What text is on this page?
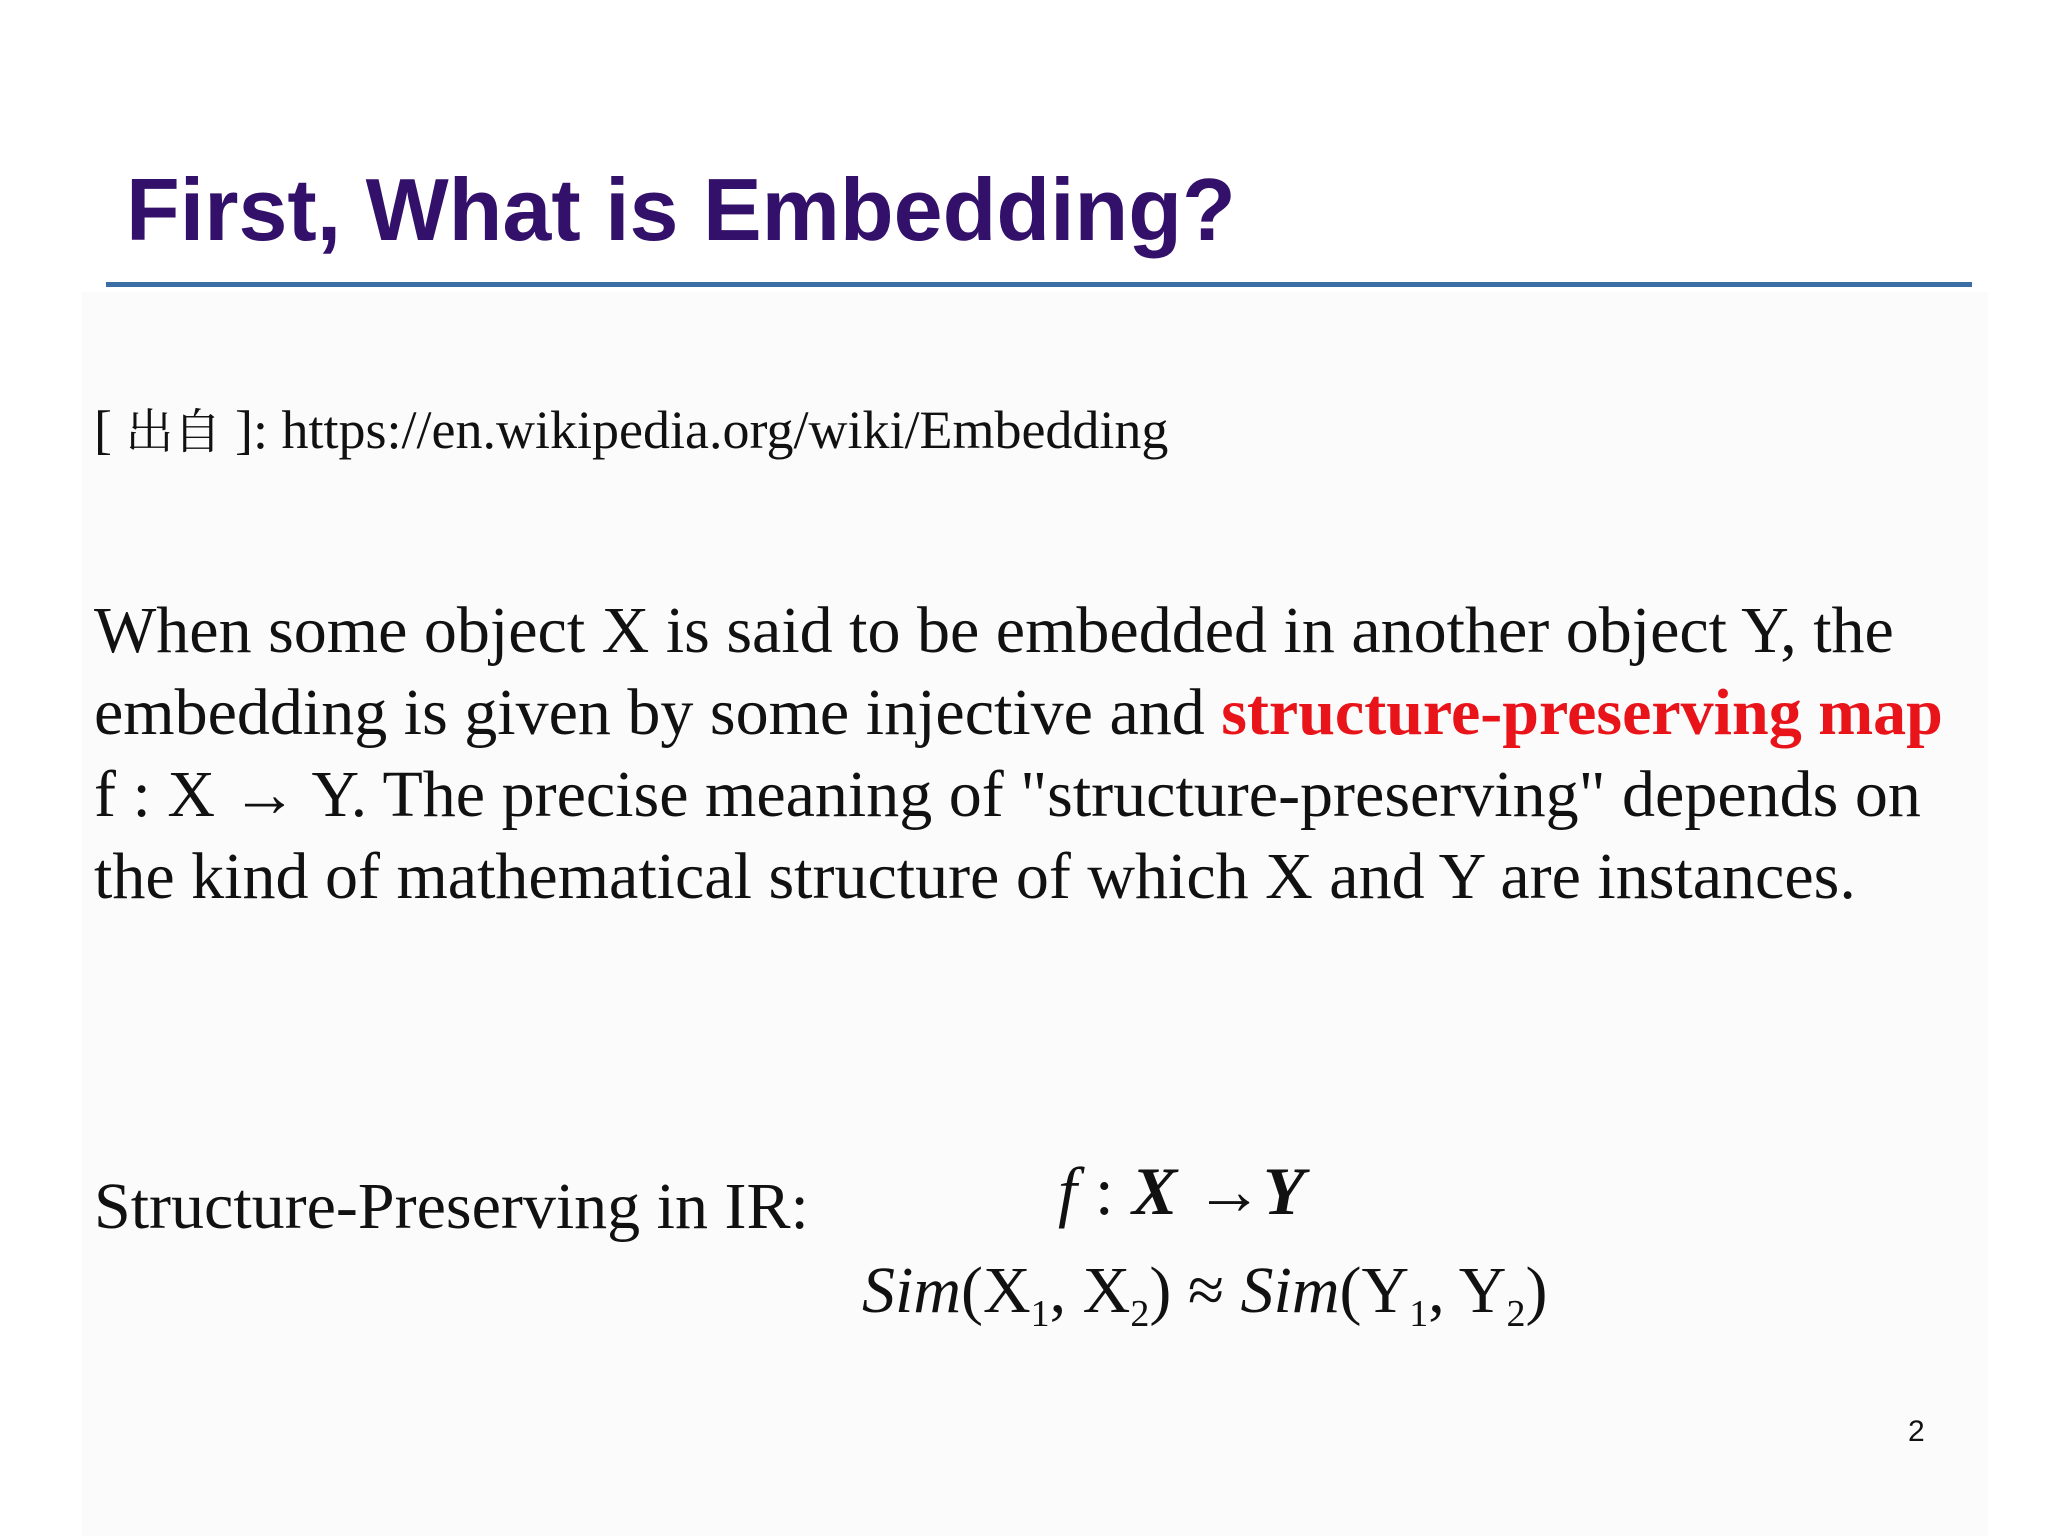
First, What is Embedding?
[ 出自 ]: https://en.wikipedia.org/wiki/Embedding

When some object X is said to be embedded in another object Y, the embedding is given by some injective and structure-preserving map f : X → Y. The precise meaning of "structure-preserving" depends on the kind of mathematical structure of which X and Y are instances.

Structure-Preserving in IR:	f : X →Y
$Sim(X_1$, $X_2) \approx Sim(Y_1$, $Y_2$)
2
